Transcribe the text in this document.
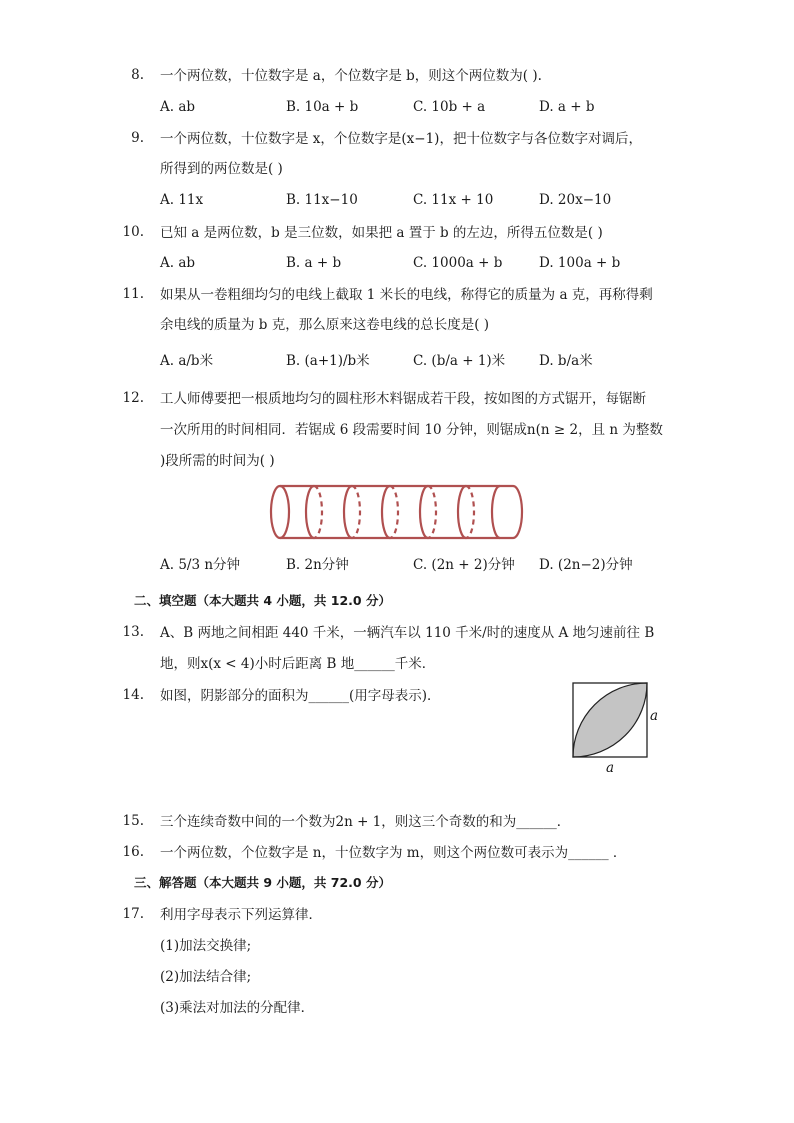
8. 一个两位数，十位数字是 a，个位数字是 b，则这个两位数为( ).
A. ab	B. 10a + b	C. 10b + a	D. a + b
9. 一个两位数，十位数字是 x，个位数字是(x−1)，把十位数字与各位数字对调后，
所得到的两位数是( )
A. 11x	B. 11x−10	C. 11x + 10	D. 20x−10
10. 已知 a 是两位数，b 是三位数，如果把 a 置于 b 的左边，所得五位数是( )
A. ab	B. a + b	C. 1000a + b	D. 100a + b
11. 如果从一卷粗细均匀的电线上截取 1 米长的电线，称得它的质量为 a 克，再称得剩
余电线的质量为 b 克，那么原来这卷电线的总长度是( )
A. a/b米	B. (a+1)/b米	C. (b/a + 1)米	D. b/a米
12. 工人师傅要把一根质地均匀的圆柱形木料锯成若干段，按如图的方式锯开，每锯断
一次所用的时间相同．若锯成 6 段需要时间 10 分钟，则锯成n(n ≥ 2，且 n 为整数
)段所需的时间为( )
A. 5/3 n分钟	B. 2n分钟	C. (2n + 2)分钟 D. (2n−2)分钟
二、填空题（本大题共 4 小题，共 12.0 分）
13. A、B 两地之间相距 440 千米，一辆汽车以 110 千米/时的速度从 A 地匀速前往 B
地，则x(x < 4)小时后距离 B 地______千米．
14. 如图，阴影部分的面积为______(用字母表示)．
a
a
15. 三个连续奇数中间的一个数为2n + 1，则这三个奇数的和为______．
16. 一个两位数，个位数字是 n，十位数字为 m，则这个两位数可表示为______ ．
三、解答题（本大题共 9 小题，共 72.0 分）
17. 利用字母表示下列运算律．
(1)加法交换律;
(2)加法结合律;
(3)乘法对加法的分配律．
